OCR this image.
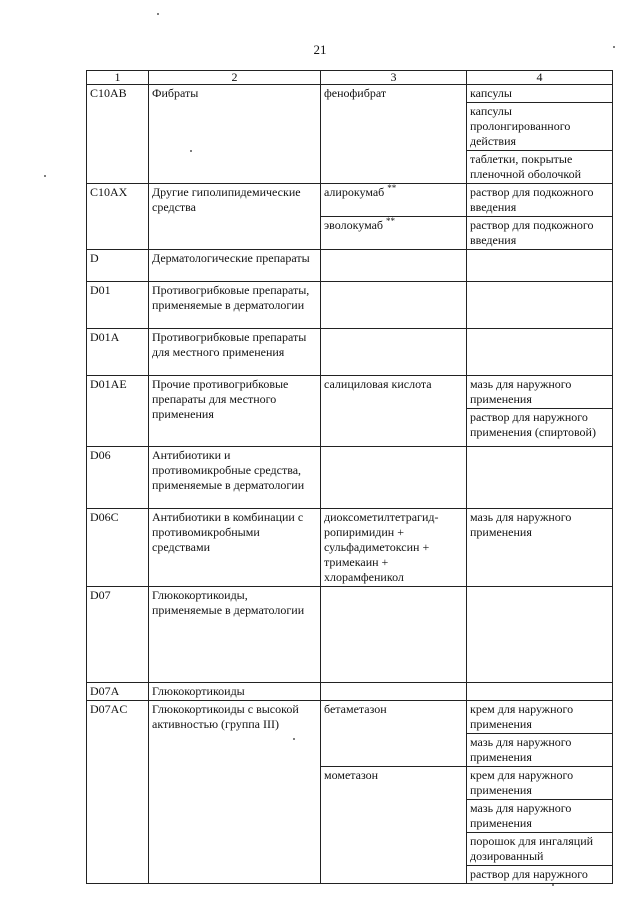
21
1	2	3	4
C10AB	Фибраты	фенофибрат	капсулы
			капсулы пролонгированного действия
			таблетки, покрытые пленочной оболочкой
C10AX	Другие гиполипидемические средства	алирокумаб **	раствор для подкожного введения
		эволокумаб **	раствор для подкожного введения
D	Дерматологические препараты		
D01	Противогрибковые препараты, применяемые в дерматологии		
D01A	Противогрибковые препараты для местного применения		
D01AE	Прочие противогрибковые препараты для местного применения	салициловая кислота	мазь для наружного применения
			раствор для наружного применения (спиртовой)
D06	Антибиотики и противомикробные средства, применяемые в дерматологии		
D06C	Антибиотики в комбинации с противомикробными средствами	диоксометилтетрагид-ропиримидин + сульфадиметоксин + тримекаин + хлорамфеникол	мазь для наружного применения
D07	Глюкокортикоиды, применяемые в дерматологии		
D07A	Глюкокортикоиды		
D07AC	Глюкокортикоиды с высокой активностью (группа III)	бетаметазон	крем для наружного применения
			мазь для наружного применения
		мометазон	крем для наружного применения
			мазь для наружного применения
			порошок для ингаляций дозированный
			раствор для наружного
